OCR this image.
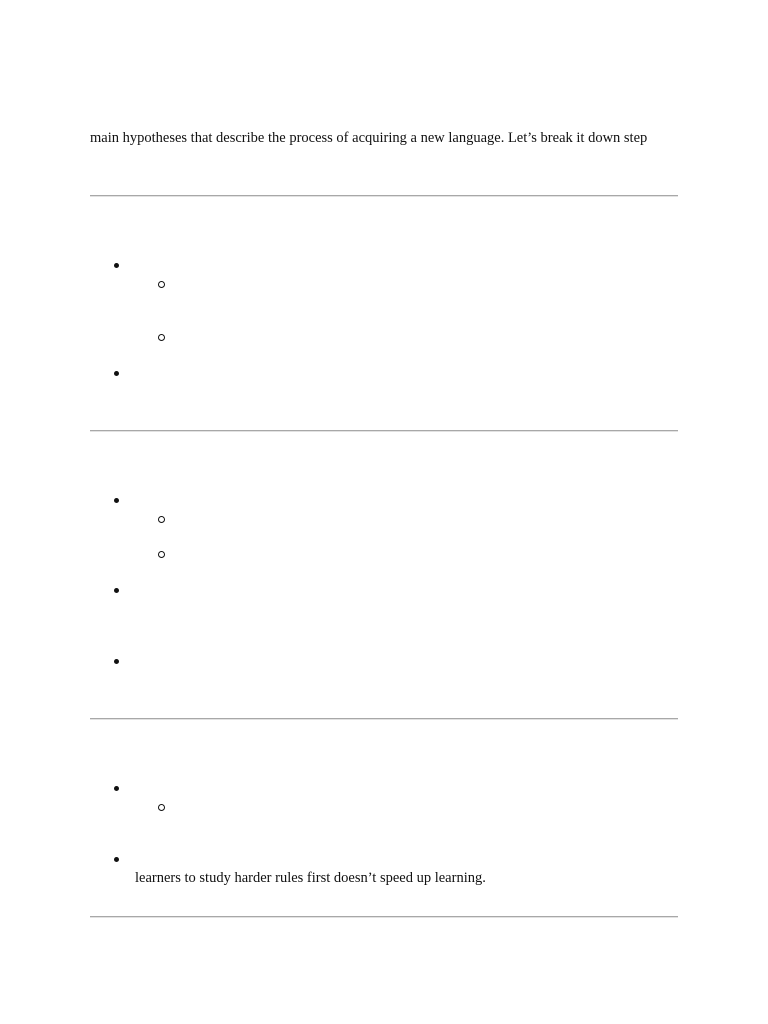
main hypotheses that describe the process of acquiring a new language. Let’s break it down step
learners to study harder rules first doesn’t speed up learning.
